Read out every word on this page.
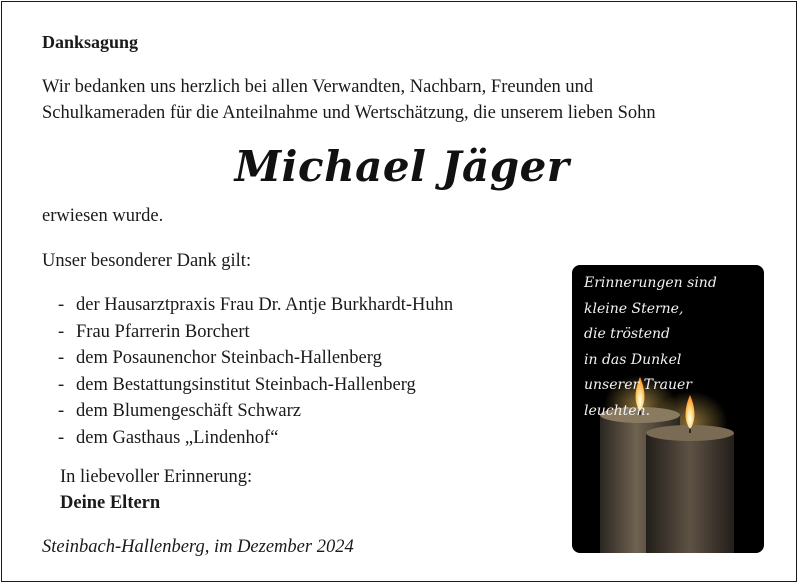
Danksagung
Wir bedanken uns herzlich bei allen Verwandten, Nachbarn, Freunden und
Schulkameraden für die Anteilnahme und Wertschätzung, die unserem lieben Sohn
Michael Jäger
erwiesen wurde.
Unser besonderer Dank gilt:
- der Hausarztpraxis Frau Dr. Antje Burkhardt-Huhn
- Frau Pfarrerin Borchert
- dem Posaunenchor Steinbach-Hallenberg
- dem Bestattungsinstitut Steinbach-Hallenberg
- dem Blumengeschäft Schwarz
- dem Gasthaus „Lindenhof“
In liebevoller Erinnerung:
Deine Eltern
Steinbach-Hallenberg, im Dezember 2024
Erinnerungen sind
kleine Sterne,
die tröstend
in das Dunkel
unserer Trauer leuchten.
